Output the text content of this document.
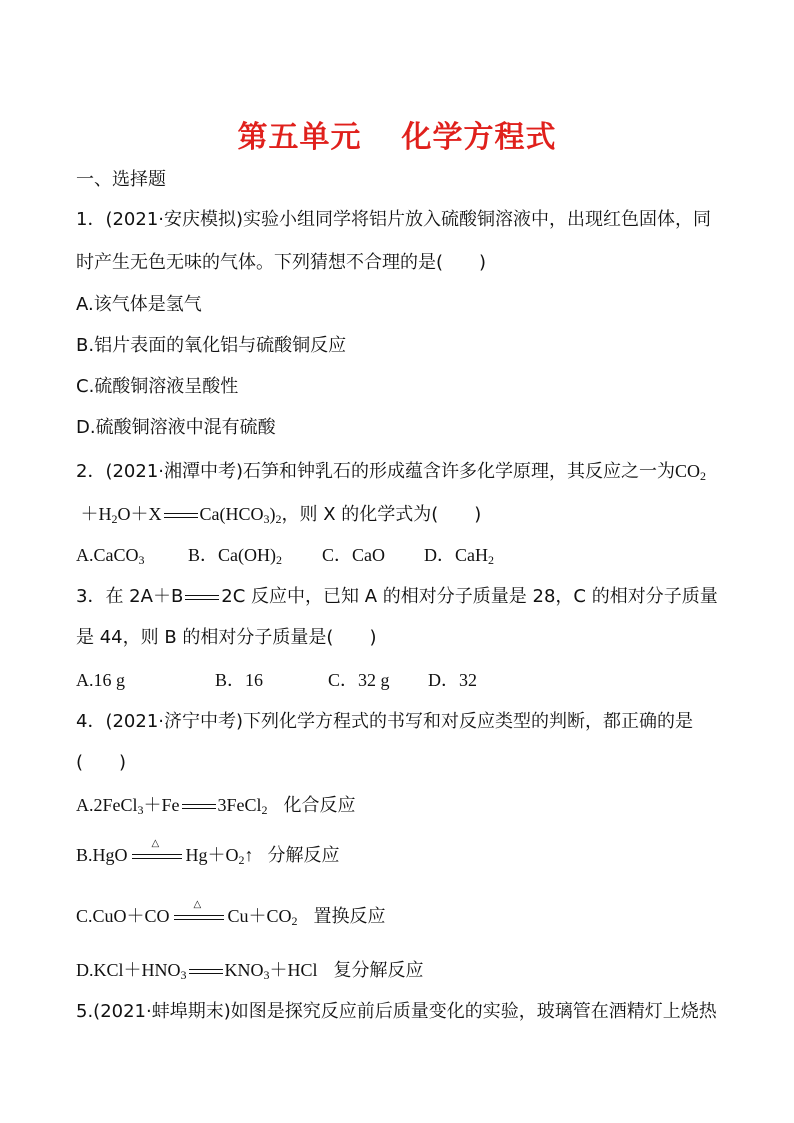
第五单元 化学方程式
一、选择题
1．(2021·安庆模拟)实验小组同学将铝片放入硫酸铜溶液中，出现红色固体，同
时产生无色无味的气体。下列猜想不合理的是(　　)
A.该气体是氢气
B.铝片表面的氧化铝与硫酸铜反应
C.硫酸铜溶液呈酸性
D.硫酸铜溶液中混有硫酸
2．(2021·湘潭中考)石笋和钟乳石的形成蕴含许多化学原理，其反应之一为$CO_2$
$+H_2O+X$ $Ca(HCO_3)_2$，则 X 的化学式为(　　)
A.CaCO$_3$ B．$Ca(OH)_2$ C．CaO D．CaH$_2$
3．在 2A＋B 2C 反应中，已知 A 的相对分子质量是 28，C 的相对分子质量
是 44，则 B 的相对分子质量是(　　)
A.16 g	B．16	C．32 g D．32
4．(2021·济宁中考)下列化学方程式的书写和对反应类型的判断，都正确的是
(　　)
A.2FeCl$_3$＋Fe 3FeCl$_2$ 化合反应
B.HgO
△
$Hg+O_2↑$ 分解反应
C.CuO＋CO
△
$Cu+CO_2$ 置换反应
$D.KCl+HNO_3$ $KNO_3+HCl$ 复分解反应
5.(2021·蚌埠期末)如图是探究反应前后质量变化的实验，玻璃管在酒精灯上烧热
